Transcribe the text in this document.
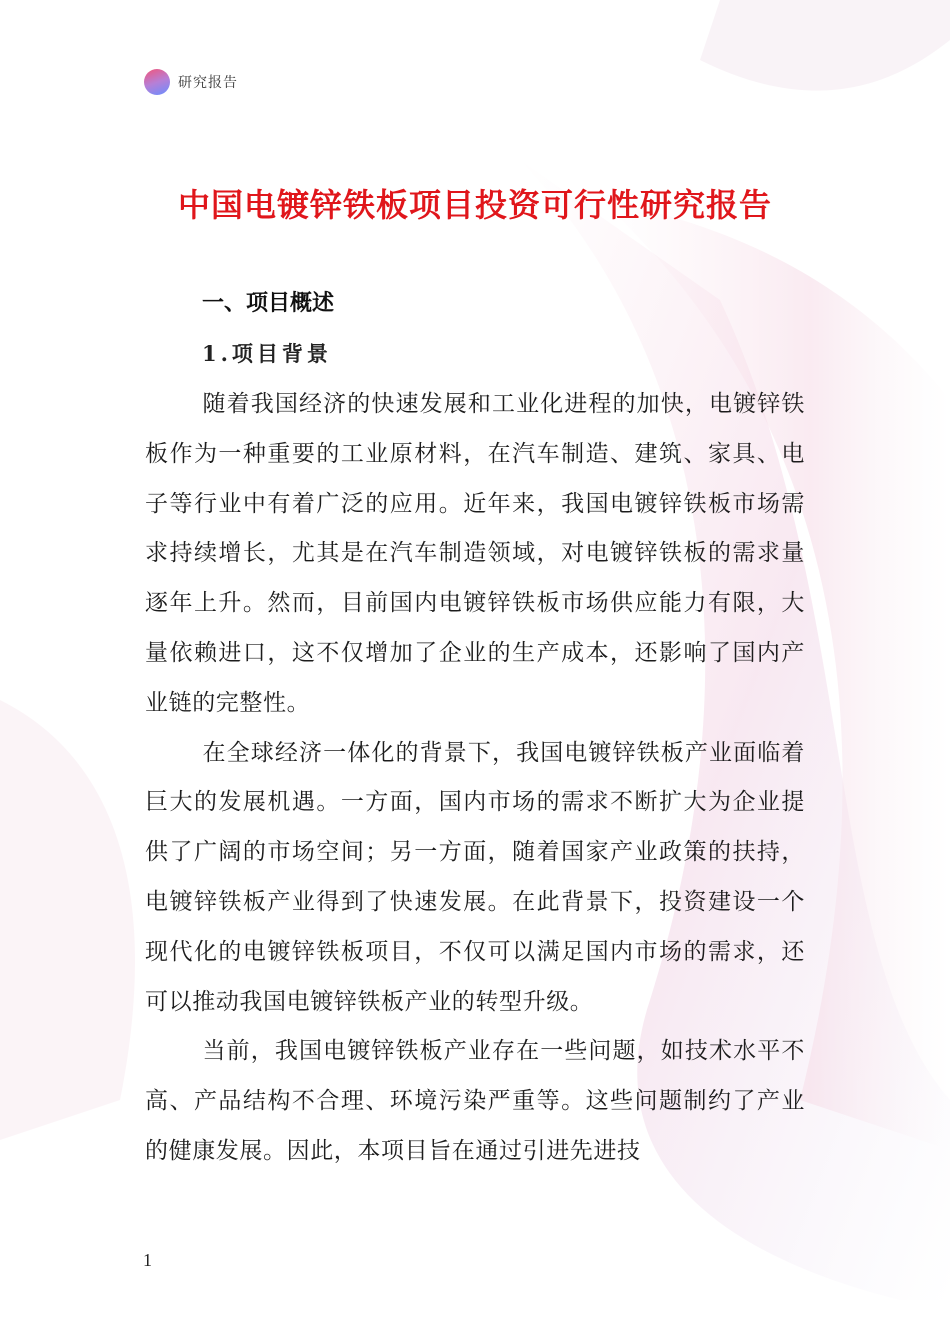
研究报告
中国电镀锌铁板项目投资可行性研究报告
一、项目概述
1.项目背景

随着我国经济的快速发展和工业化进程的加快，电镀锌铁板作为一种重要的工业原材料，在汽车制造、建筑、家具、电子等行业中有着广泛的应用。近年来，我国电镀锌铁板市场需求持续增长，尤其是在汽车制造领域，对电镀锌铁板的需求量逐年上升。然而，目前国内电镀锌铁板市场供应能力有限，大量依赖进口，这不仅增加了企业的生产成本，还影响了国内产业链的完整性。

在全球经济一体化的背景下，我国电镀锌铁板产业面临着巨大的发展机遇。一方面，国内市场的需求不断扩大为企业提供了广阔的市场空间；另一方面，随着国家产业政策的扶持，电镀锌铁板产业得到了快速发展。在此背景下，投资建设一个现代化的电镀锌铁板项目，不仅可以满足国内市场的需求，还可以推动我国电镀锌铁板产业的转型升级。

当前，我国电镀锌铁板产业存在一些问题，如技术水平不高、产品结构不合理、环境污染严重等。这些问题制约了产业的健康发展。因此，本项目旨在通过引进先进技

1
